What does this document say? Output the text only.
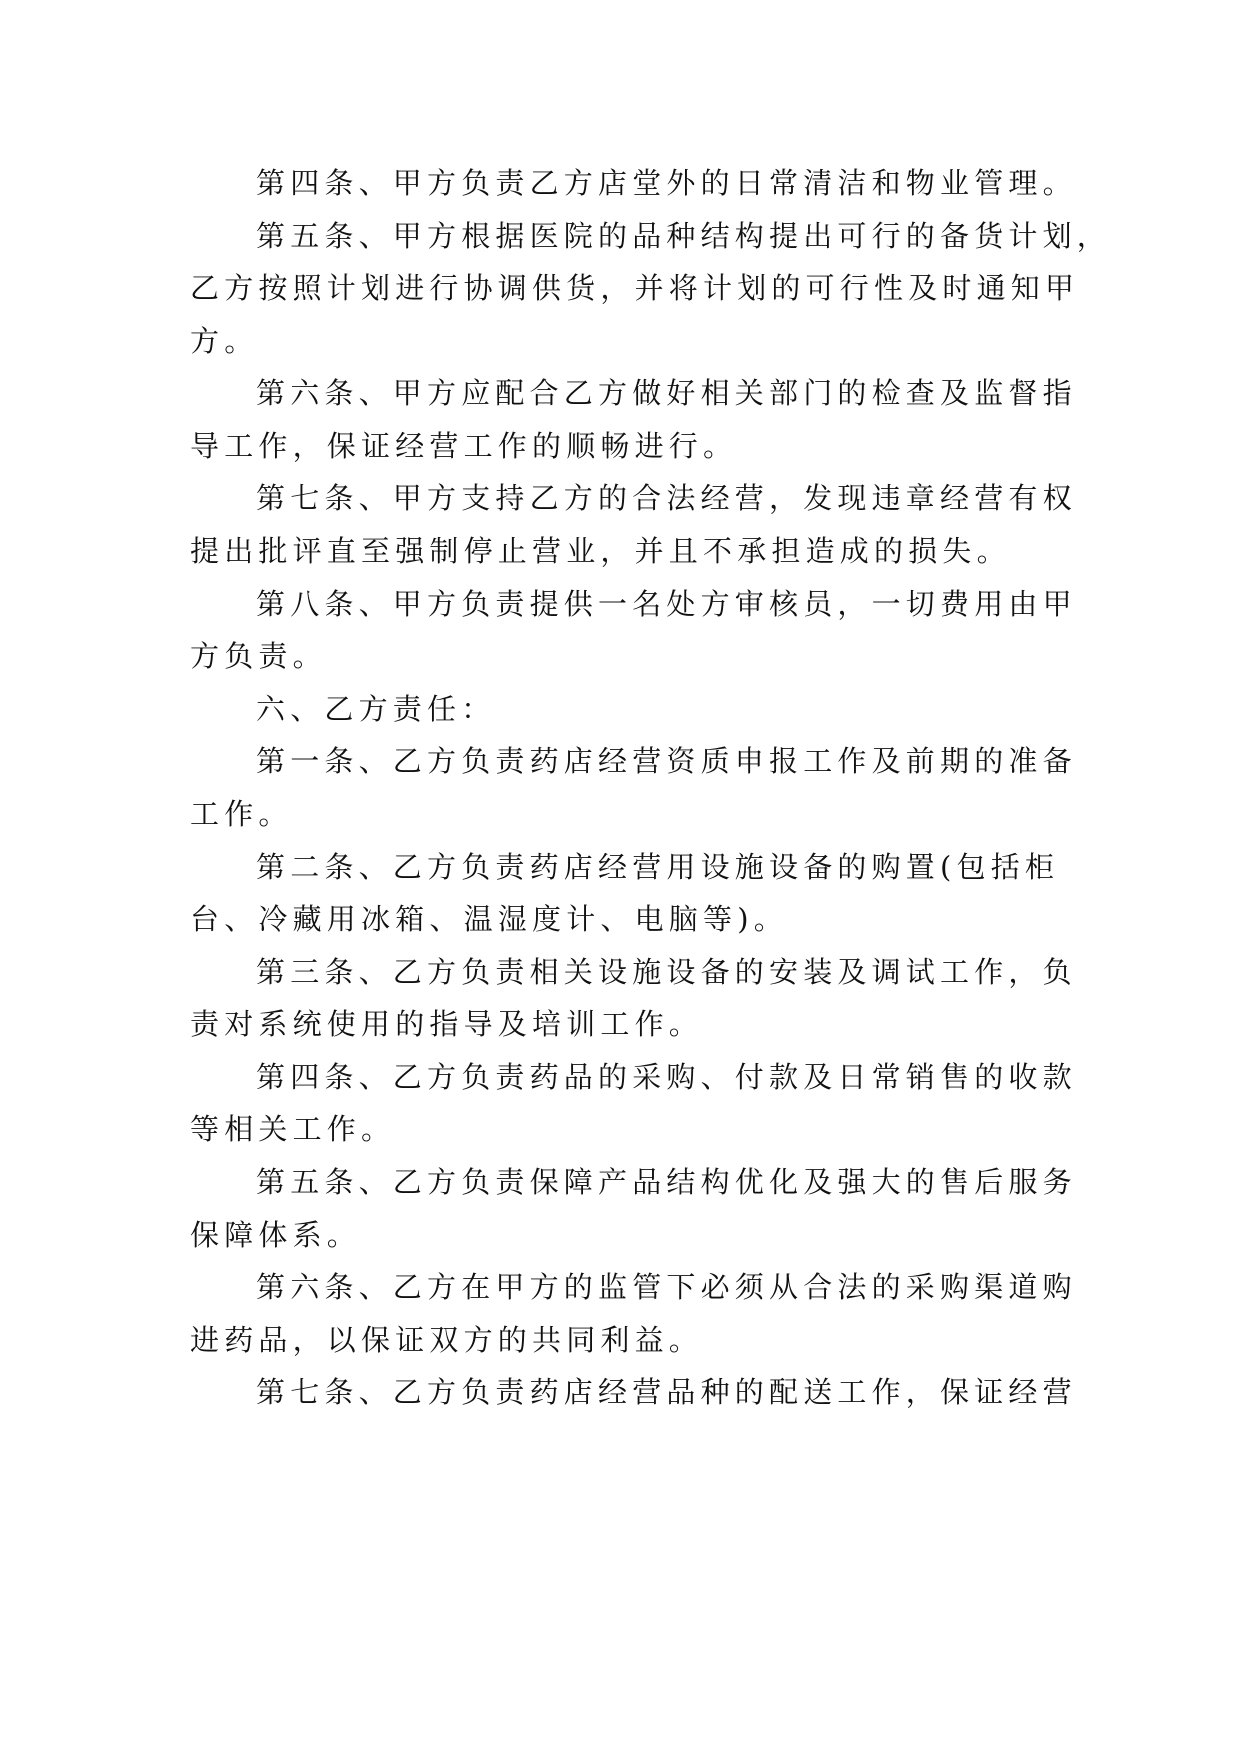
第四条、甲方负责乙方店堂外的日常清洁和物业管理。
第五条、甲方根据医院的品种结构提出可行的备货计划，
乙方按照计划进行协调供货，并将计划的可行性及时通知甲
方。
第六条、甲方应配合乙方做好相关部门的检查及监督指
导工作，保证经营工作的顺畅进行。
第七条、甲方支持乙方的合法经营，发现违章经营有权
提出批评直至强制停止营业，并且不承担造成的损失。
第八条、甲方负责提供一名处方审核员，一切费用由甲
方负责。
六、乙方责任：
第一条、乙方负责药店经营资质申报工作及前期的准备
工作。
第二条、乙方负责药店经营用设施设备的购置(包括柜
台、冷藏用冰箱、温湿度计、电脑等)。
第三条、乙方负责相关设施设备的安装及调试工作，负
责对系统使用的指导及培训工作。
第四条、乙方负责药品的采购、付款及日常销售的收款
等相关工作。
第五条、乙方负责保障产品结构优化及强大的售后服务
保障体系。
第六条、乙方在甲方的监管下必须从合法的采购渠道购
进药品，以保证双方的共同利益。
第七条、乙方负责药店经营品种的配送工作，保证经营
